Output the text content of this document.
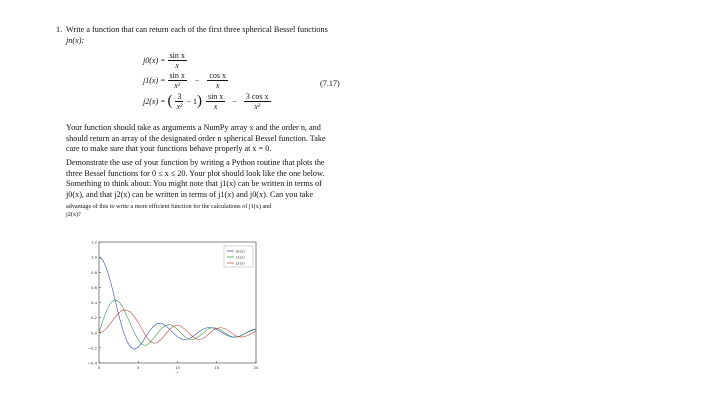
1. Write a function that can return each of the first three spherical Bessel functions
jn(x):
$j0(x) = \frac{\text{sin x}}{x}$
$j1(x) = \frac{\text{sin x}}{\text{x²}} - \frac{\text{cos x}}{x}$	(7.17)
j2(x) = ( $\frac{3}{\text{x²}} - 1$ ) $\frac{\text{sin x}}{x} - \frac{\text{3 cos x}}{\text{x²}}$
Your function should take as arguments a NumPy array x and the order n, and
should return an array of the designated order n spherical Bessel function. Take
care to make sure that your functions behave properly at x = 0.
Demonstrate the use of your function by writing a Python routine that plots the
three Bessel functions for 0 ≤ x ≤ 20. Your plot should look like the one below.
Something to think about: You might note that j1(x) can be written in terms of
j0(x), and that j2(x) can be written in terms of j1(x) and j0(x). Can you take
advantage of this to write a more efficient function for the calculations of j1(x) and
j2(x)?
−0.4
−0.2
0.0
0.2
0.4
0.6
0.8
1.0
1.2
0	5	10	15	20
x
j0(x)
j1(x)
j2(x)
